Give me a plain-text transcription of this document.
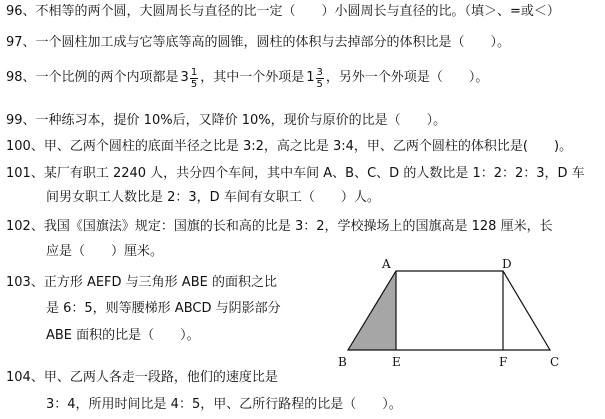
96、不相等的两个圆，大圆周长与直径的比一定（　　）小圆周长与直径的比。（填＞、=或＜）
97、一个圆柱加工成与它等底等高的圆锥，圆柱的体积与去掉部分的体积比是（　　）。
98、一个比例的两个内项都是 $3 \frac{1}{5}$ ，其中一个外项是 $1 \frac{3}{5}$ ，另外一个外项是（　　）。
99、一种练习本，提价 10%后，又降价 10%，现价与原价的比是（　　）。
100、甲、乙两个圆柱的底面半径之比是 3:2，高之比是 3:4，甲、乙两个圆柱的体积比是(　　)。
101、某厂有职工 2240 人，共分四个车间，其中车间 A、B、C、D 的人数比是 1：2：2：3，D 车
间男女职工人数比是 2：3，D 车间有女职工（　　）人。
102、我国《国旗法》规定：国旗的长和高的比是 3：2，学校操场上的国旗高是 128 厘米，长
应是（　　）厘米。
103、正方形 AEFD 与三角形 ABE 的面积之比
是 6：5，则等腰梯形 ABCD 与阴影部分
ABE 面积的比是（　　）。
104、甲、乙两人各走一段路，他们的速度比是
3：4，所用时间比是 4：5，甲、乙所行路程的比是（　　）。
A	D
B	E	F	C
